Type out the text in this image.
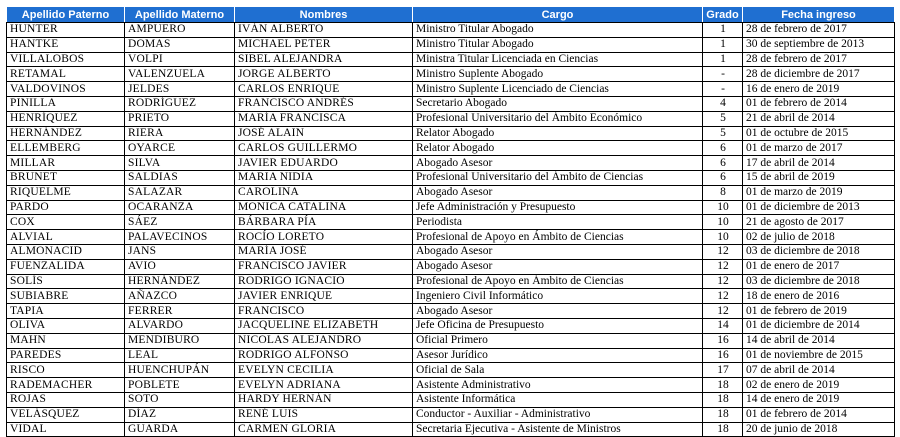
Apellido Paterno	Apellido Materno	Nombres	Cargo	Grado	Fecha ingreso
HUNTER	AMPUERO	IVÁN ALBERTO	Ministro Titular Abogado	1	28 de febrero de 2017
HANTKE	DOMAS	MICHAEL PETER	Ministro Titular Abogado	1	30 de septiembre de 2013
VILLALOBOS	VOLPI	SIBEL ALEJANDRA	Ministra Titular Licenciada en Ciencias	1	28 de febrero de 2017
RETAMAL	VALENZUELA	JORGE ALBERTO	Ministro Suplente Abogado	-	28 de diciembre de 2017
VALDOVINOS	JELDES	CARLOS ENRIQUE	Ministro Suplente Licenciado de Ciencias	-	16 de enero de 2019
PINILLA	RODRÍGUEZ	FRANCISCO ANDRÉS	Secretario Abogado	4	01 de febrero de 2014
HENRÍQUEZ	PRIETO	MARÍA FRANCISCA	Profesional Universitario del Ámbito Económico	5	21 de abril de 2014
HERNÁNDEZ	RIERA	JOSÉ ALAIN	Relator Abogado	5	01 de octubre de 2015
ELLEMBERG	OYARCE	CARLOS GUILLERMO	Relator Abogado	6	01 de marzo de 2017
MILLAR	SILVA	JAVIER EDUARDO	Abogado Asesor	6	17 de abril de 2014
BRUNET	SALDIAS	MARIA NIDIA	Profesional Universitario del Ámbito de Ciencias	6	15 de abril de 2019
RIQUELME	SALAZAR	CAROLINA	Abogado Asesor	8	01 de marzo de 2019
PARDO	OCARANZA	MONICA CATALINA	Jefe Administración y Presupuesto	10	01 de diciembre de 2013
COX	SÁEZ	BÁRBARA PÍA	Periodista	10	21 de agosto de 2017
ALVIAL	PALAVECINOS	ROCÍO LORETO	Profesional de Apoyo en Ámbito de Ciencias	10	02 de julio de 2018
ALMONACID	JANS	MARÍA JOSÉ	Abogado Asesor	12	03 de diciembre de 2018
FUENZALIDA	AVIO	FRANCISCO JAVIER	Abogado Asesor	12	01 de enero de 2017
SOLÍS	HERNÁNDEZ	RODRIGO IGNACIO	Profesional de Apoyo en Ámbito de Ciencias	12	03 de diciembre de 2018
SUBIABRE	AÑAZCO	JAVIER ENRIQUE	Ingeniero Civil Informático	12	18 de enero de 2016
TAPIA	FERRER	FRANCISCO	Abogado Asesor	12	01 de febrero de 2019
OLIVA	ALVARDO	JACQUELINE ELIZABETH	Jefe Oficina de Presupuesto	14	01 de diciembre de 2014
MAHN	MENDIBURO	NICOLAS ALEJANDRO	Oficial Primero	16	14 de abril de 2014
PAREDES	LEAL	RODRIGO ALFONSO	Asesor Jurídico	16	01 de noviembre de 2015
RISCO	HUENCHUPÁN	EVELYN CECILIA	Oficial de Sala	17	07 de abril de 2014
RADEMACHER	POBLETE	EVELYN ADRIANA	Asistente Administrativo	18	02 de enero de 2019
ROJAS	SOTO	HARDY HERNÁN	Asistente Informática	18	14 de enero de 2019
VELÁSQUEZ	DÍAZ	RENÉ LUIS	Conductor - Auxiliar - Administrativo	18	01 de febrero de 2014
VIDAL	GUARDA	CARMEN GLORIA	Secretaria Ejecutiva - Asistente de Ministros	18	20 de junio de 2018
